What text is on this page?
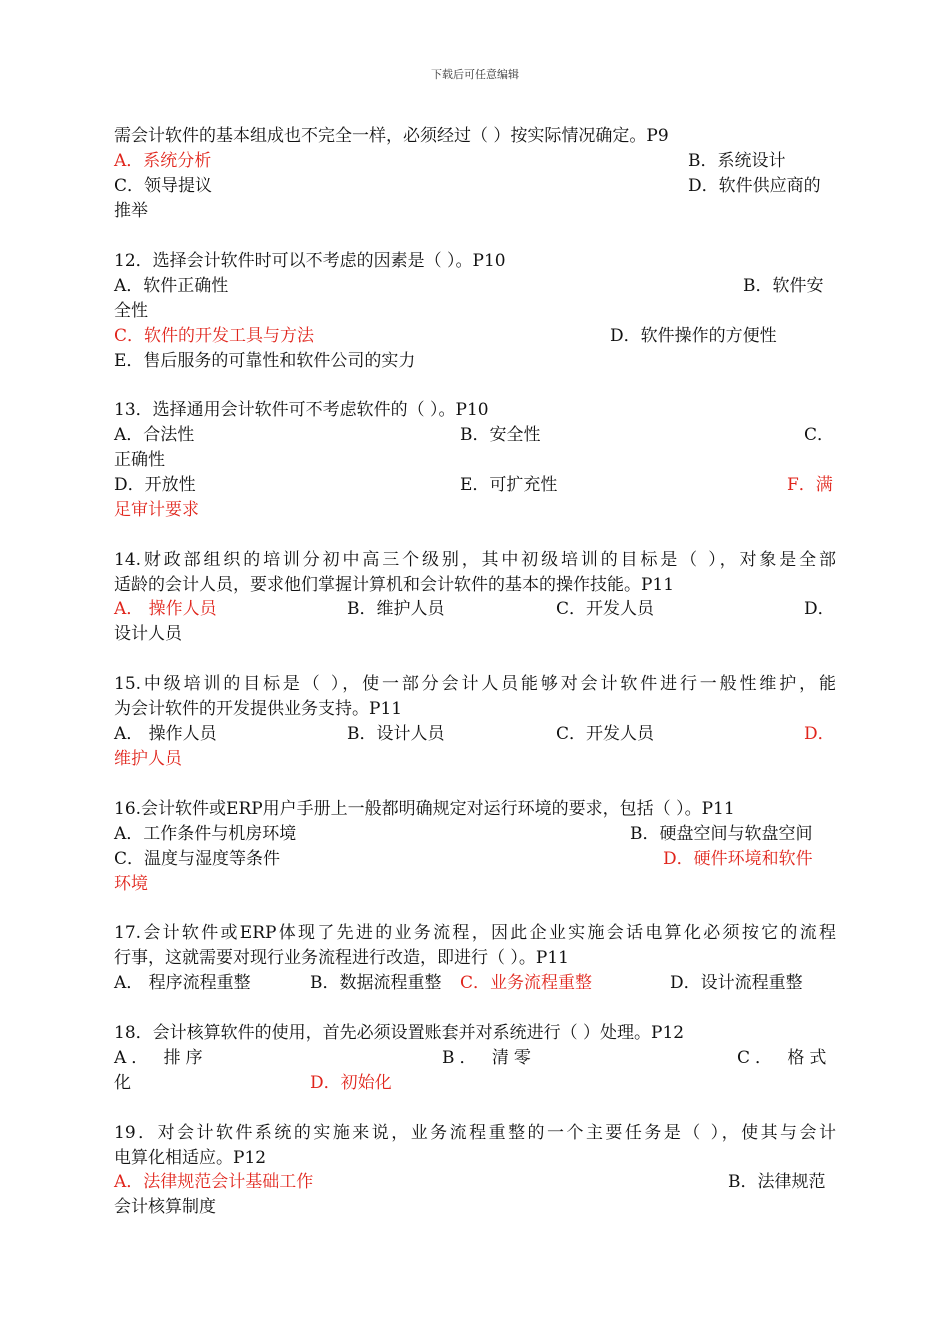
下载后可任意编辑
需会计软件的基本组成也不完全一样，必须经过（ ）按实际情况确定。P9
A．系统分析	B．系统设计
C．领导提议	D．软件供应商的
推举
12．选择会计软件时可以不考虑的因素是（ ）。P10
A．软件正确性	B．软件安
全性
C．软件的开发工具与方法	D．软件操作的方便性
E．售后服务的可靠性和软件公司的实力
13．选择通用会计软件可不考虑软件的（ ）。P10
A．合法性	B．安全性	C．
正确性
D．开放性	E．可扩充性	F．满
足审计要求
14.财政部组织的培训分初中高三个级别，其中初级培训的目标是（ ），对象是全部
适龄的会计人员，要求他们掌握计算机和会计软件的基本的操作技能。P11
A． 操作人员	B．维护人员	C．开发人员	D．
设计人员
15.中级培训的目标是（ ），使一部分会计人员能够对会计软件进行一般性维护，能
为会计软件的开发提供业务支持。P11
A． 操作人员	B．设计人员	C．开发人员	D．
维护人员
16.会计软件或ERP用户手册上一般都明确规定对运行环境的要求，包括（ ）。P11
A．工作条件与机房环境	B．硬盘空间与软盘空间
C．温度与湿度等条件	D．硬件环境和软件
环境
17.会计软件或ERP体现了先进的业务流程，因此企业实施会话电算化必须按它的流程
行事，这就需要对现行业务流程进行改造，即进行（ ）。P11
A． 程序流程重整	B．数据流程重整 C．业务流程重整	D．设计流程重整
18．会计核算软件的使用，首先必须设置账套并对系统进行（ ）处理。P12
A． 排序	B． 清零	C． 格式
化	D．初始化
19．对会计软件系统的实施来说，业务流程重整的一个主要任务是（ ），使其与会计
电算化相适应。P12
A．法律规范会计基础工作	B．法律规范
会计核算制度
